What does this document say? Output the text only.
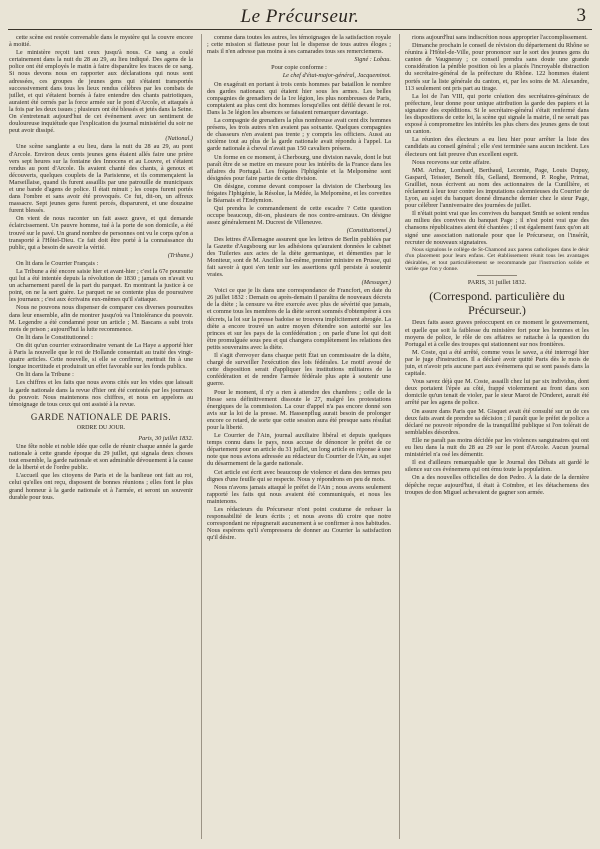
Le Précurseur.	3

cette scène est restée convenable dans le mystère qui la couvre encore à moitié.

Le ministère reçoit tant ceux jusqu'à nous. Ce sang a coulé certainement dans la nuit du 28 au 29, au lieu indiqué. Des agens de la police ont été employés le matin à faire disparaître les traces de ce sang. Si nous devons nous en rapporter aux déclarations qui nous sont adressées, ces groupes de jeunes gens qui s'étaient transportés successivement dans tous les lieux rendus célèbres par les combats de juillet, et qui s'étaient bornés à faire entendre des chants patriotiques, auraient été cernés par la force armée sur le pont d'Arcole, et attaqués à la fois par les deux issues ; plusieurs ont été blessés et jetés dans la Seine. On s'entretenait aujourd'hui de cet événement avec un sentiment de douloureuse inquiétude que l'explication du journal ministériel du soir ne peut avoir dissipé.

(National.)

Une scène sanglante a eu lieu, dans la nuit du 28 au 29, au pont d'Arcole. Environ deux cents jeunes gens étaient allés faire une prière vers sept heures sur la fontaine des Innocens et au Louvre, et s'étaient rendus au pont d'Arcole. Ils avaient chanté des chants, à genoux et découverts, quelques couplets de la Parisienne, et ils commençaient la Marseillaise, quand ils furent assaillis par une patrouille de municipaux et une bande d'agens de police. Il était minuit ; les coups furent portés dans l'ombre et sans avoir été provoqués. Ce fut, dit-on, un affreux massacre. Sept jeunes gens furent percés, disparurent, et une douzaine furent blessés.

On vient de nous raconter un fait assez grave, et qui demande éclaircissement. Un pauvre homme, tué à la porte de son domicile, a été trouvé sur le pavé. Un grand nombre de personnes ont vu le corps qu'on a transporté à l'Hôtel-Dieu. Ce fait doit être porté à la connaissance du public, qui a besoin de savoir la vérité.

(Tribune.)

On lit dans le Courrier Français :

La Tribune a été encore saisie hier et avant-hier ; c'est la 67e poursuite qui lui a été intentée depuis la révolution de 1830 ; jamais on n'avait vu un acharnement pareil de la part du parquet. En montrant la justice à ce point, on ne la sert guère. Le parquet ne se contente plus de poursuivre les journaux ; c'est aux écrivains eux-mêmes qu'il s'attaque.

Nous ne pouvons nous dispenser de comparer ces diverses poursuites dans leur ensemble, afin de montrer jusqu'où va l'intolérance du pouvoir. M. Legendre a été condamné pour un article ; M. Bascans a subi trois mois de prison ; aujourd'hui la lutte recommence.

On lit dans le Constitutionnel :

On dit qu'un courrier extraordinaire venant de La Haye a apporté hier à Paris la nouvelle que le roi de Hollande consentait au traité des vingt-quatre articles. Cette nouvelle, si elle se confirme, mettrait fin à une longue incertitude et produirait un effet favorable sur les fonds publics.

On lit dans la Tribune :

Les chiffres et les faits que nous avons cités sur les vides que laissait la garde nationale dans la revue d'hier ont été contestés par les journaux du pouvoir. Nous maintenons nos chiffres, et nous en appelons au témoignage de tous ceux qui ont assisté à la revue.

GARDE NATIONALE DE PARIS.
ORDRE DU JOUR.

Paris, 30 juillet 1832.

Une fête noble et noble idée que celle de réunir chaque année la garde nationale à cette grande époque du 29 juillet, qui signala deux choses tout ensemble, la garde nationale et son admirable dévouement à la cause de la liberté et de l'ordre public.

L'accueil que les citoyens de Paris et de la banlieue ont fait au roi, celui qu'elles ont reçu, disposent de bonnes réunions ; elles font le plus grand honneur à la garde nationale et à l'armée, et seront un souvenir durable pour tous.

comme dans toutes les autres, les témoignages de la satisfaction royale ; cette mission si flatteuse pour lui le dispense de tous autres éloges ; mais il n'en adresse pas moins à ses camarades tous ses remerciemens.

Signé : Lobau.

Pour copie conforme :

Le chef d'état-major-général, Jacqueminot.

On exagérait en portant à trois cents hommes par bataillon le nombre des gardes nationaux qui étaient hier sous les armes. Les belles compagnies de grenadiers de la 1re légion, les plus nombreuses de Paris, comptaient au plus cent dix hommes lorsqu'elles ont défilé devant le roi. Dans la 3e légion les absences se faisaient remarquer davantage.

La compagnie de grenadiers la plus nombreuse avait cent dix hommes présens, les trois autres n'en avaient pas soixante. Quelques compagnies de chasseurs n'en avaient pas trente ; y compris les officiers. Aussi au sixième tout au plus de la garde nationale avait répondu à l'appel. La garde nationale à cheval n'avait pas 150 cavaliers présens.

Un forme en ce moment, à Cherbourg, une division navale, dont le but paraît être de se mettre en mesure pour les intérêts de la France dans les affaires du Portugal. Les frégates l'Iphigénie et la Melpomène sont désignées pour faire partie de cette division.

On désigne, comme devant composer la division de Cherbourg les frégates l'Iphigénie, la Résolue, la Médée, la Melpomène, et les corvettes le Béarnais et l'Endymion.

Qui prendra le commandement de cette escadre ? Cette question occupe beaucoup, dit-on, plusieurs de nos contre-amiraux. On désigne assez généralement M. Ducrest de Villeneuve.

(Constitutionnel.)

Des lettres d'Allemagne assurent que les lettres de Berlin publiées par la Gazette d'Augsbourg sur les adhésions qu'auraient données le cabinet des Tuileries aux actes de la diète germanique, et démenties par le Moniteur, sont de M. Ancillon lui-même, premier ministre en Prusse, qui fait savoir à quoi s'en tenir sur les assertions qu'il persiste à soutenir vraies.

(Messager.)

Voici ce que je lis dans une correspondance de Francfort, en date du 26 juillet 1832 : Demain ou après-demain il paraîtra de nouveaux décrets de la diète ; la censure va être exercée avec plus de sévérité que jamais, et comme tous les membres de la diète seront sommés d'obtempérer à ces décrets, la loi sur la presse badoise se trouvera implicitement abrogée. La diète a encore trouvé un autre moyen d'étendre son autorité sur les princes et sur les pays de la confédération ; on parle d'une loi qui doit être promulguée sous peu et qui changera complètement les relations des petits souverains avec la diète.

Il s'agit d'envoyer dans chaque petit État un commissaire de la diète, chargé de surveiller l'exécution des lois fédérales. Le motif avoué de cette disposition serait d'appliquer les institutions militaires de la confédération et de rendre l'armée fédérale plus apte à soutenir une guerre.

Pour le moment, il n'y a rien à attendre des chambres ; celle de la Hesse sera définitivement dissoute le 27, malgré les protestations énergiques de la commission. La cour d'appel n'a pas encore donné son avis sur la loi de la presse. M. Hassenpflug aurait besoin de prolonger encore ce retard, de sorte que cette session aura été presque sans résultat pour la liberté.

Le Courrier de l'Ain, journal auxiliaire libéral et depuis quelques temps connu dans le pays, nous accuse de dénoncer le préfet de ce département pour un article du 31 juillet, un long article en réponse à une note que nous avions adressée au rédacteur du Courrier de l'Ain, au sujet du désarmement de la garde nationale.

Cet article est écrit avec beaucoup de violence et dans des termes peu dignes d'une feuille qui se respecte. Nous y répondrons en peu de mots.

Nous n'avons jamais attaqué le préfet de l'Ain ; nous avons seulement rapporté les faits qui nous avaient été communiqués, et nous les maintenons.

Les rédacteurs du Précurseur n'ont point coutume de refuser la responsabilité de leurs écrits ; et nous avons dû croire que notre correspondant ne répugnerait aucunement à se confirmer à nos habitudes. Nous espérons qu'il s'empressera de donner au Courrier la satisfaction qu'il désire.

rions aujourd'hui sans indiscrétion nous approprier l'accomplissement.

Dimanche prochain le conseil de révision du département du Rhône se réunira à l'Hôtel-de-Ville, pour prononcer sur le sort des jeunes gens du canton de Vaugneray ; ce conseil prendra sans doute une grande considération la pénible position où les a placés l'incroyable distraction du secrétaire-général de la préfecture du Rhône. 122 hommes étaient portés sur la liste générale du canton, et, par les soins de M. Alexandre, 113 seulement ont pris part au tirage.

La loi de l'an VIII, qui porte création des secrétaires-généraux de préfecture, leur donne pour unique attribution la garde des papiers et la signature des expéditions. Si le secrétaire-général s'était renfermé dans les dispositions de cette loi, la scène qui signale la mairie, il ne serait pas exposé à compromettre les intérêts les plus chers des jeunes gens de tout un canton.

La réunion des électeurs a eu lieu hier pour arrêter la liste des candidats au conseil général ; elle s'est terminée sans aucun incident. Les électeurs ont fait preuve d'un excellent esprit.

Nous recevons sur cette affaire.

MM. Arthur, Lombard, Berthaud, Lecomte, Page, Louis Dupuy, Gaspard, Teissier, Benoît fils, Gelland, Bremond, P. Roghe, Primat, Grailliet, nous écrivent au nom des actionnaires de la Cunillière, et réclament à leur tour contre les imputations calomnieuses du Courrier de Lyon, au sujet du banquet donné dimanche dernier chez le sieur Page, pour célébrer l'anniversaire des journées de juillet.

Il n'était point vrai que les convives du banquet Smith se soient rendus au milieu des convives du banquet Page ; il n'est point vrai que des chansons républicaines aient été chantées ; il est également faux qu'on ait signé une association nationale pour que le Précurseur, on l'insérât, recruter de nouveaux signataires.

Nous signalons le collège de St-Chamond aux parens catholiques dans le désir d'un placement pour leurs enfans. Cet établissement réunit tous les avantages désirables, et tout particulièrement se recommande par l'instruction solide et variée que l'on y donne.

PARIS, 31 juillet 1832.

(Correspond. particulière du Précurseur.)

Deux faits assez graves préoccupent en ce moment le gouvernement, et quelle que soit la faiblesse du ministère fort pour les hommes et les moyens de police, le rôle de ces affaires se rattache à la question du Portugal et à celle des troupes qui stationnent sur nos frontières.

M. Coste, qui a été arrêté, comme vous le savez, a été interrogé hier par le juge d'instruction. Il a déclaré avoir quitté Paris dès le mois de juin, et n'avoir pris aucune part aux événemens qui se sont passés dans la capitale.

Vous savez déjà que M. Coste, assailli chez lui par six individus, dont deux portaient l'épée au côté, frappé violemment au front dans son domicile qu'un tenait de violer, par le sieur Marot de l'Onderet, aurait été arrêté par les agens de police.

On assure dans Paris que M. Gisquet avait été consulté sur un de ces deux faits avant de prendre sa décision ; il paraît que le préfet de police a déclaré ne pouvoir répondre de la tranquillité publique si l'on tolérait de semblables désordres.

Elle ne paraît pas moins décidée par les violences sanguinaires qui ont eu lieu dans la nuit du 28 au 29 sur le pont d'Arcole. Aucun journal ministériel n'a osé les démentir.

Il est d'ailleurs remarquable que le Journal des Débats ait gardé le silence sur ces événemens qui ont ému toute la population.

On a des nouvelles officielles de don Pedro. À la date de la dernière dépêche reçue aujourd'hui, il était à Coïmbre, et les détachemens des troupes de don Miguel achevaient de gagner son armée.
